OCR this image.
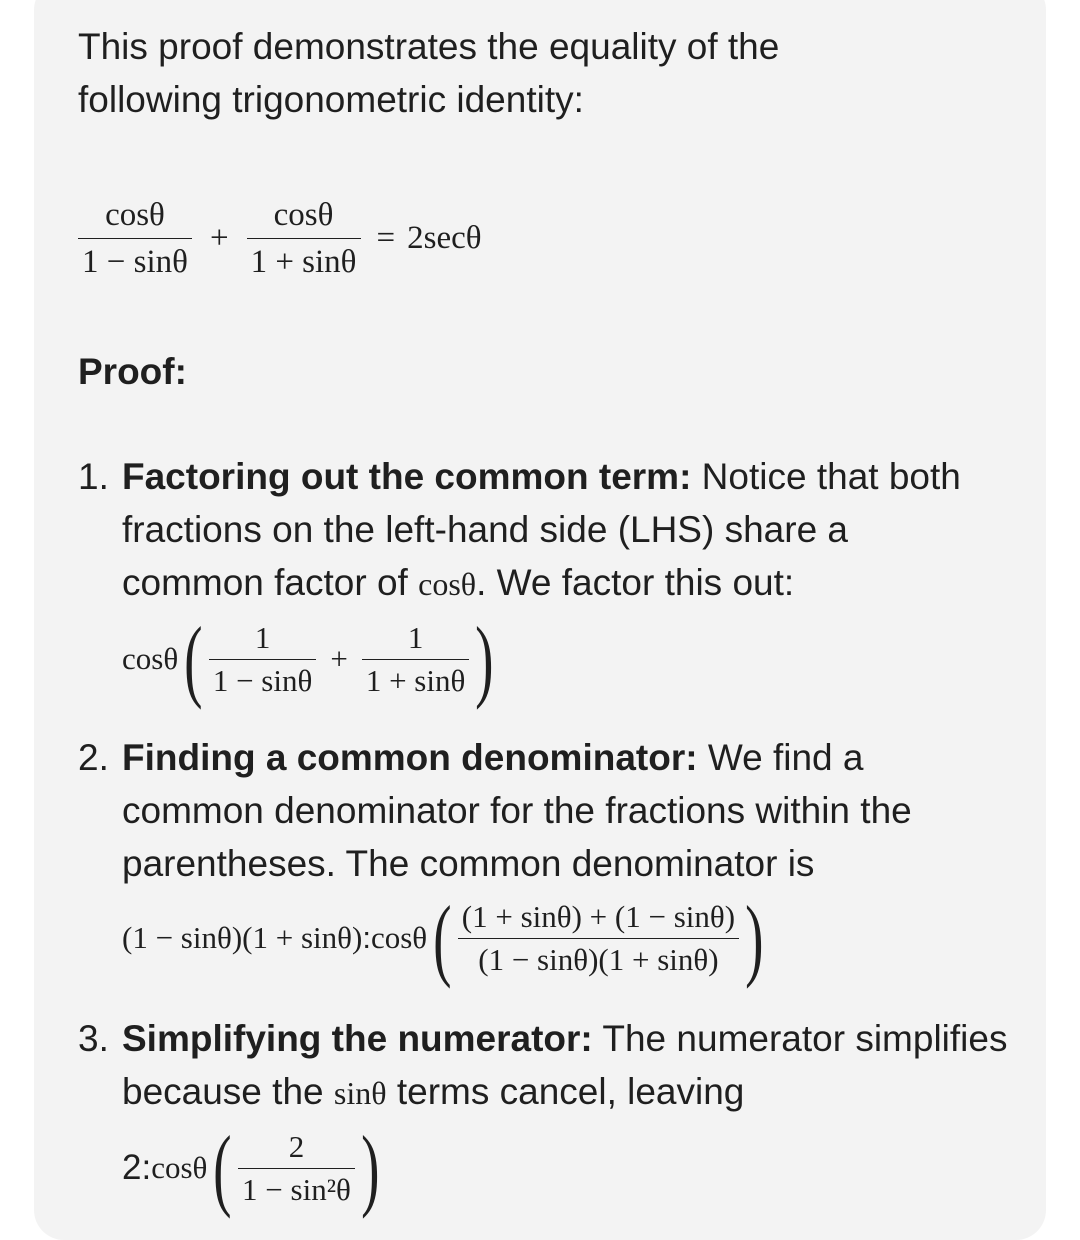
This proof demonstrates the equality of the
following trigonometric identity:

$\frac{\cos\theta}{1 - \sin\theta} + \frac{\cos\theta}{1 + \sin\theta} = 2\sec\theta$
Proof:
1. Factoring out the common term: Notice that both fractions on the left-hand side (LHS) share a common factor of cosθ. We factor this out:

cosθ ( $\frac{1}{1 - \sin\theta} + \frac{1}{1 + \sin\theta}$ )
2. Finding a common denominator: We find a common denominator for the fractions within the parentheses. The common denominator is

(1 − sinθ)(1 + sinθ) : cosθ ( $\frac{(1 + \sin\theta) + (1 - \sin\theta)}{(1 - \sin\theta)(1 + \sin\theta)}$ )
3. Simplifying the numerator: The numerator simplifies because the sinθ terms cancel, leaving

2: cosθ ( $\frac{2}{\text{1 − sin²θ}}$ )
